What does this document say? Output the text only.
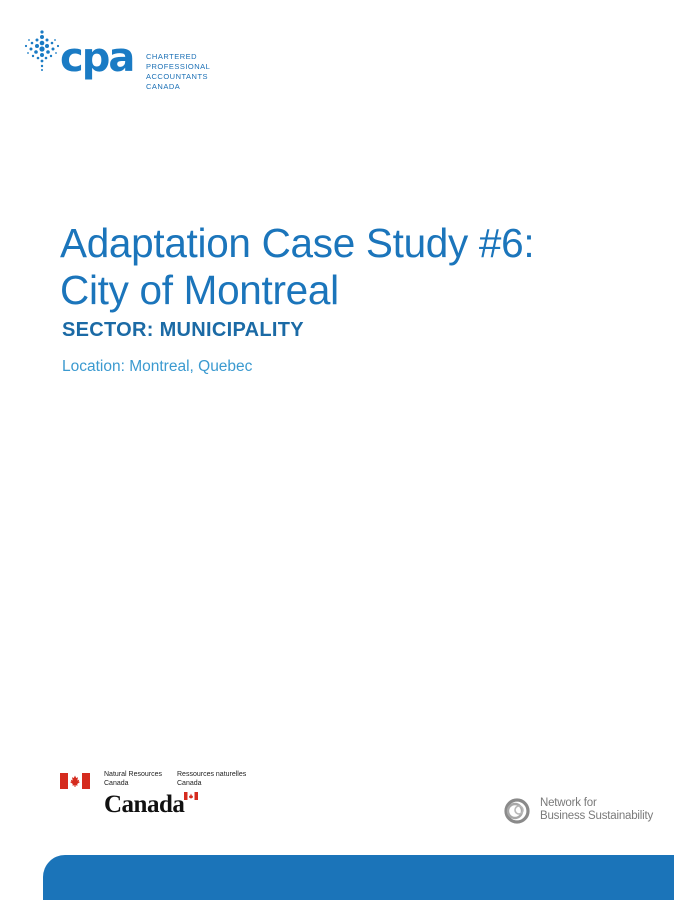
cpa CHARTERED
PROFESSIONAL
ACCOUNTANTS
CANADA
Adaptation Case Study #6:
City of Montreal
SECTOR: MUNICIPALITY
Location: Montreal, Quebec
Natural Resources
Canada
Ressources naturelles
Canada
Canada	Network for
Business Sustainability
